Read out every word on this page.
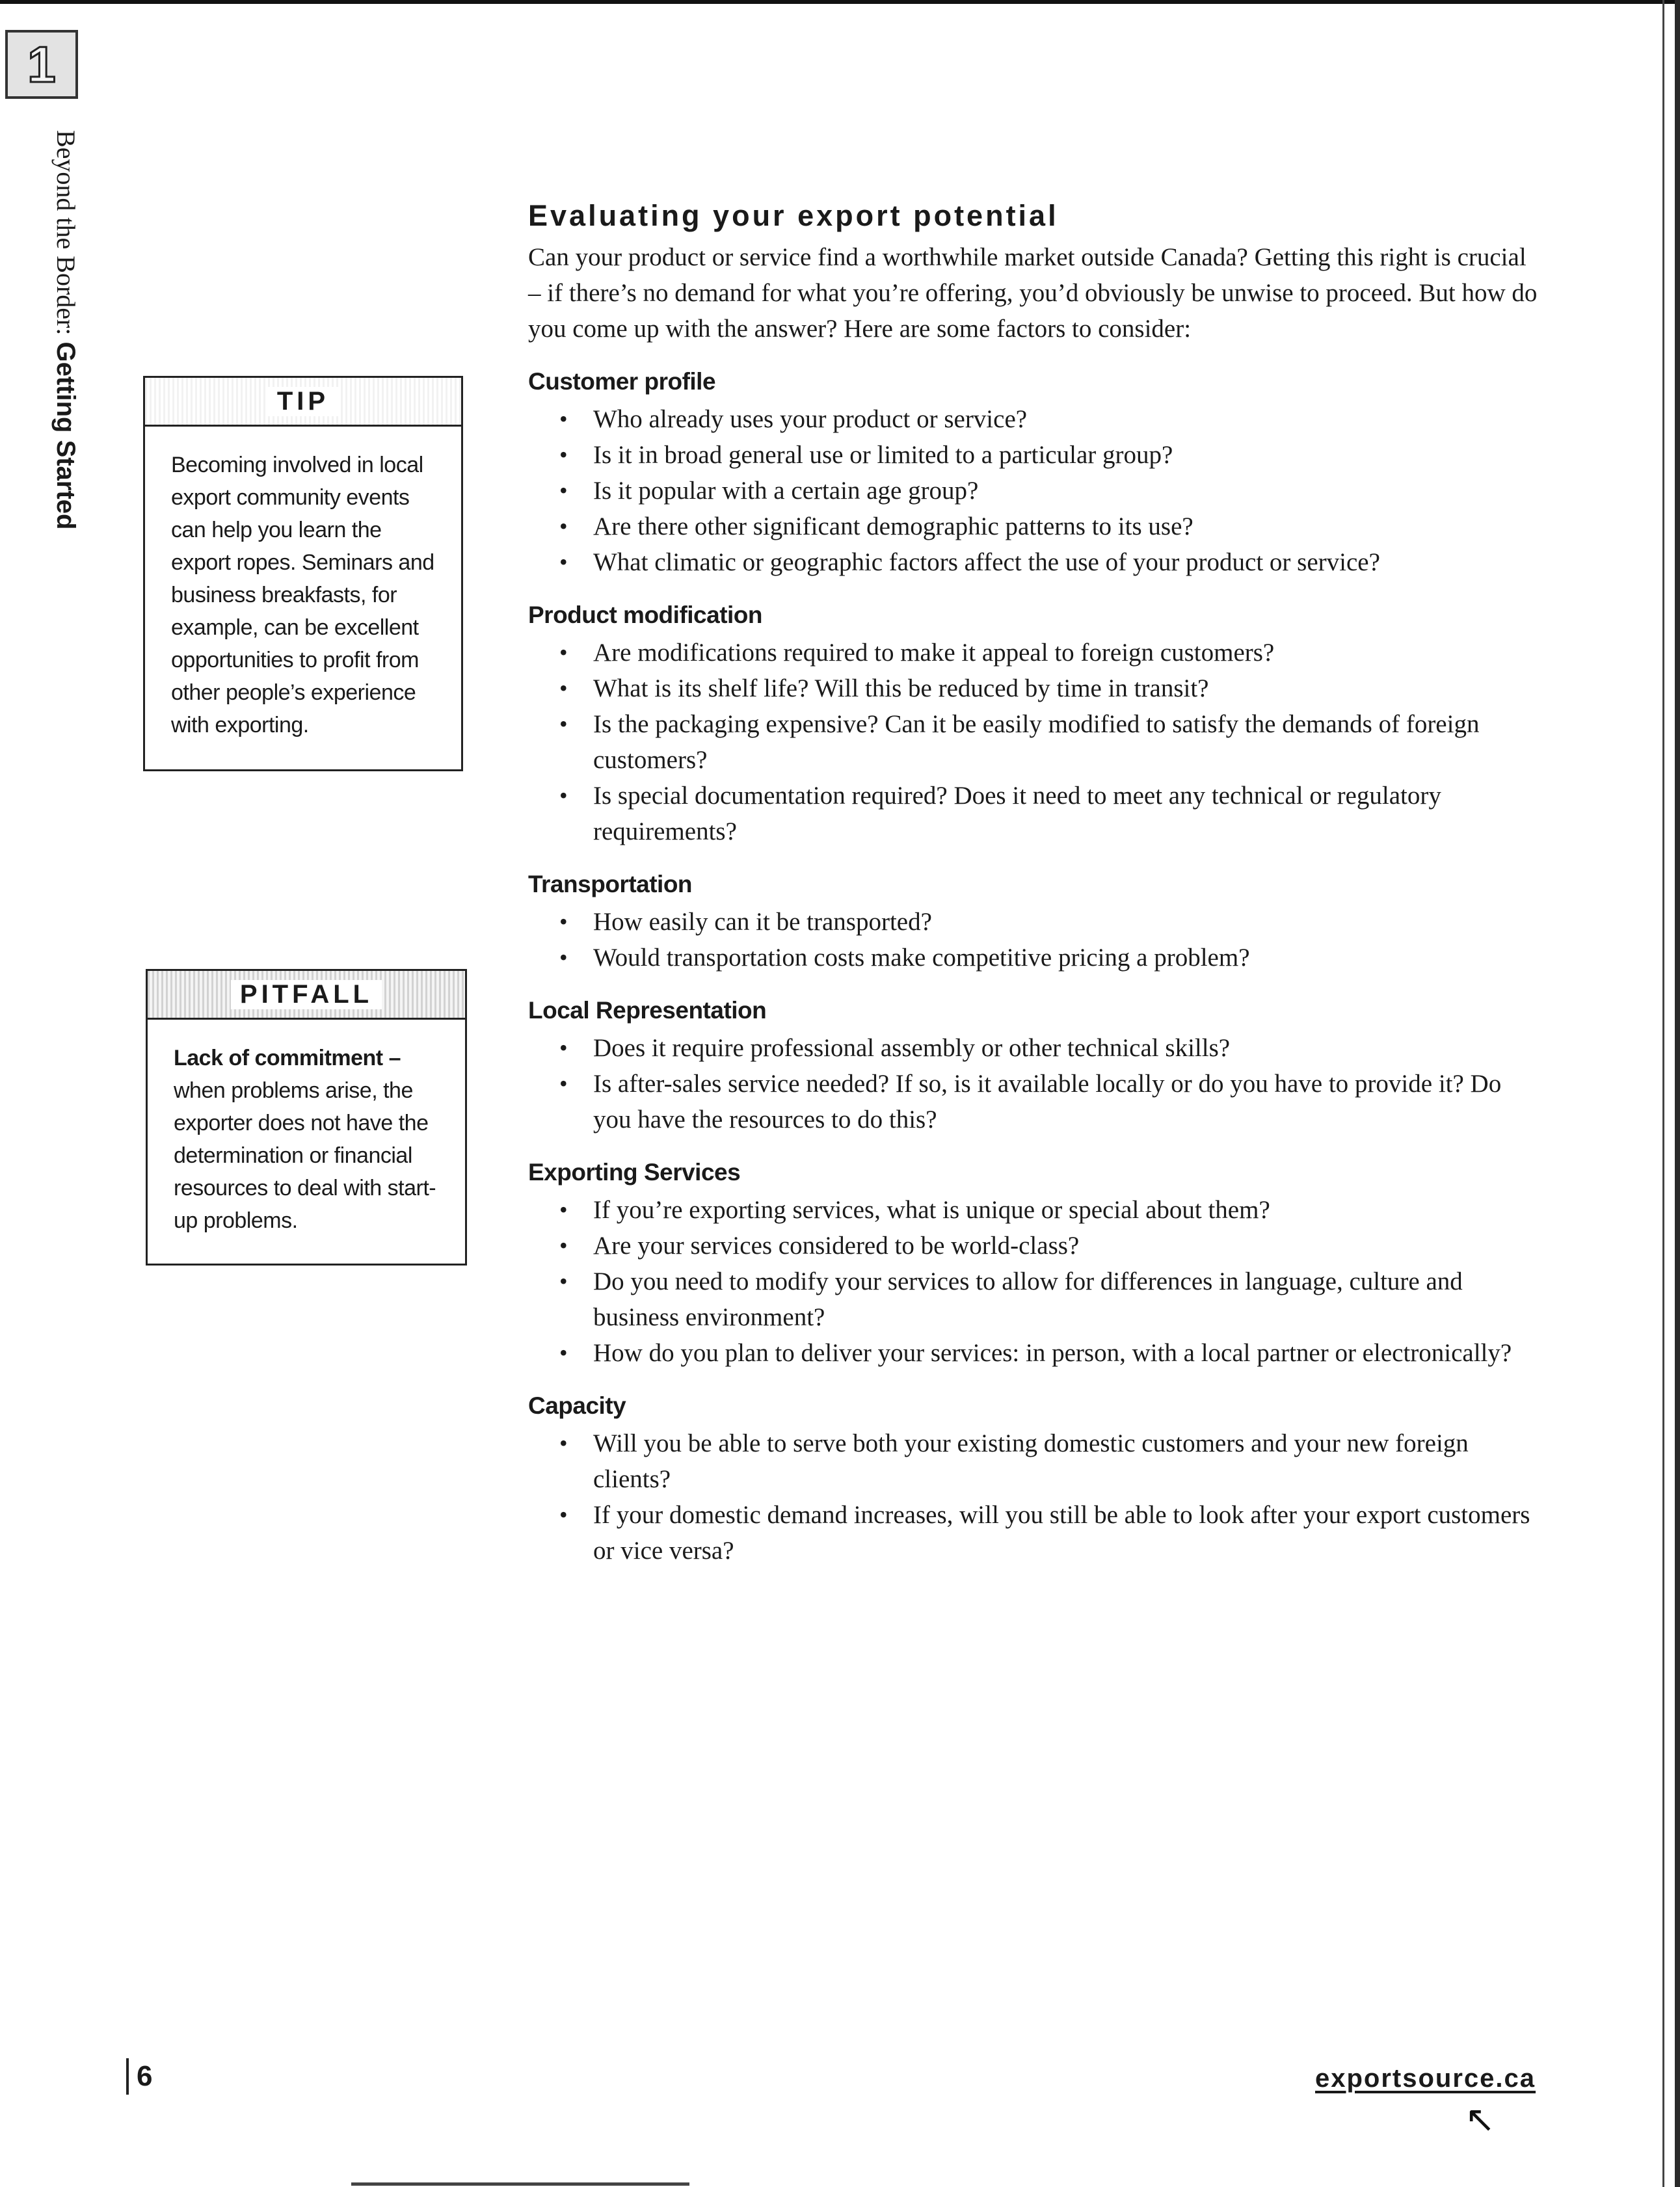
1
Beyond the Border: Getting Started	TIP
Becoming involved in local export community events can help you learn the export ropes. Seminars and business breakfasts, for example, can be excellent opportunities to profit from other people’s experience with exporting.
PITFALL
Lack of commitment – when problems arise, the exporter does not have the determination or financial resources to deal with start-up problems.
Evaluating your export potential

Can your product or service find a worthwhile market outside Canada? Getting this right is crucial – if there’s no demand for what you’re offering, you’d obviously be unwise to proceed. But how do you come up with the answer? Here are some factors to consider:

Customer profile
• Who already uses your product or service?
• Is it in broad general use or limited to a particular group?
• Is it popular with a certain age group?
• Are there other significant demographic patterns to its use?
• What climatic or geographic factors affect the use of your product or service?
Product modification
• Are modifications required to make it appeal to foreign customers?
• What is its shelf life? Will this be reduced by time in transit?
• Is the packaging expensive? Can it be easily modified to satisfy the demands of foreign customers?
• Is special documentation required? Does it need to meet any technical or regulatory requirements?
Transportation
• How easily can it be transported?
• Would transportation costs make competitive pricing a problem?
Local Representation
• Does it require professional assembly or other technical skills?
• Is after-sales service needed? If so, is it available locally or do you have to provide it? Do you have the resources to do this?
Exporting Services
• If you’re exporting services, what is unique or special about them?
• Are your services considered to be world-class?
• Do you need to modify your services to allow for differences in language, culture and business environment?
• How do you plan to deliver your services: in person, with a local partner or electronically?
Capacity
• Will you be able to serve both your existing domestic customers and your new foreign clients?
• If your domestic demand increases, will you still be able to look after your export customers or vice versa?
6	exportsource.ca
↖
